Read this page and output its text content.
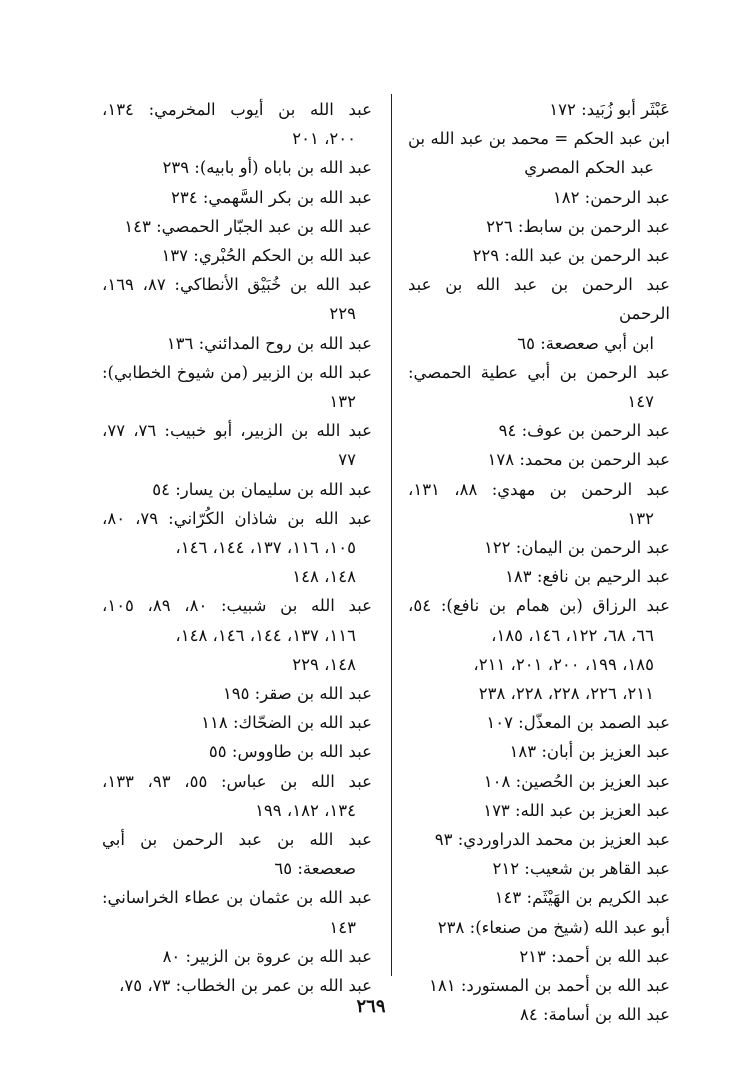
عَبْثَر أبو زُبَيد: ١٧٢
ابن عبد الحكم = محمد بن عبد الله بن
عبد الحكم المصري
عبد الرحمن: ١٨٢
عبد الرحمن بن سابط: ٢٢٦
عبد الرحمن بن عبد الله: ٢٢٩
عبد الرحمن بن عبد الله بن عبد الرحمن
ابن أبي صعصعة: ٦٥
عبد الرحمن بن أبي عطية الحمصي:
١٤٧
عبد الرحمن بن عوف: ٩٤
عبد الرحمن بن محمد: ١٧٨
عبد الرحمن بن مهدي: ٨٨، ١٣١،
١٣٢
عبد الرحمن بن اليمان: ١٢٢
عبد الرحيم بن نافع: ١٨٣
عبد الرزاق (بن همام بن نافع): ٥٤،
٦٦، ٦٨، ١٢٢، ١٤٦، ١٨٥،
١٨٥، ١٩٩، ٢٠٠، ٢٠١، ٢١١،
٢١١، ٢٢٦، ٢٢٨، ٢٢٨، ٢٣٨
عبد الصمد بن المعذّل: ١٠٧
عبد العزيز بن أبان: ١٨٣
عبد العزيز بن الحُصين: ١٠٨
عبد العزيز بن عبد الله: ١٧٣
عبد العزيز بن محمد الدراوردي: ٩٣
عبد القاهر بن شعيب: ٢١٢
عبد الكريم بن الهَيْثَم: ١٤٣
أبو عبد الله (شيخ من صنعاء): ٢٣٨
عبد الله بن أحمد: ٢١٣
عبد الله بن أحمد بن المستورد: ١٨١
عبد الله بن أسامة: ٨٤
عبد الله بن أيوب المخرمي: ١٣٤،
٢٠٠، ٢٠١
عبد الله بن باباه (أو بابيه): ٢٣٩
عبد الله بن بكر السَّهمي: ٢٣٤
عبد الله بن عبد الجبّار الحمصي: ١٤٣
عبد الله بن الحكم الحُبْري: ١٣٧
عبد الله بن خُبَيْق الأنطاكي: ٨٧، ١٦٩،
٢٢٩
عبد الله بن روح المدائني: ١٣٦
عبد الله بن الزبير (من شيوخ الخطابي):
١٣٢
عبد الله بن الزبير، أبو خبيب: ٧٦، ٧٧،
٧٧
عبد الله بن سليمان بن يسار: ٥٤
عبد الله بن شاذان الكُرّاني: ٧٩، ٨٠،
١٠٥، ١١٦، ١٣٧، ١٤٤، ١٤٦،
١٤٨، ١٤٨
عبد الله بن شبيب: ٨٠، ٨٩، ١٠٥،
١١٦، ١٣٧، ١٤٤، ١٤٦، ١٤٨،
١٤٨، ٢٢٩
عبد الله بن صقر: ١٩٥
عبد الله بن الضحّاك: ١١٨
عبد الله بن طاووس: ٥٥
عبد الله بن عباس: ٥٥، ٩٣، ١٣٣،
١٣٤، ١٨٢، ١٩٩
عبد الله بن عبد الرحمن بن أبي
صعصعة: ٦٥
عبد الله بن عثمان بن عطاء الخراساني:
١٤٣
عبد الله بن عروة بن الزبير: ٨٠
عبد الله بن عمر بن الخطاب: ٧٣، ٧٥،
٢٦٩
